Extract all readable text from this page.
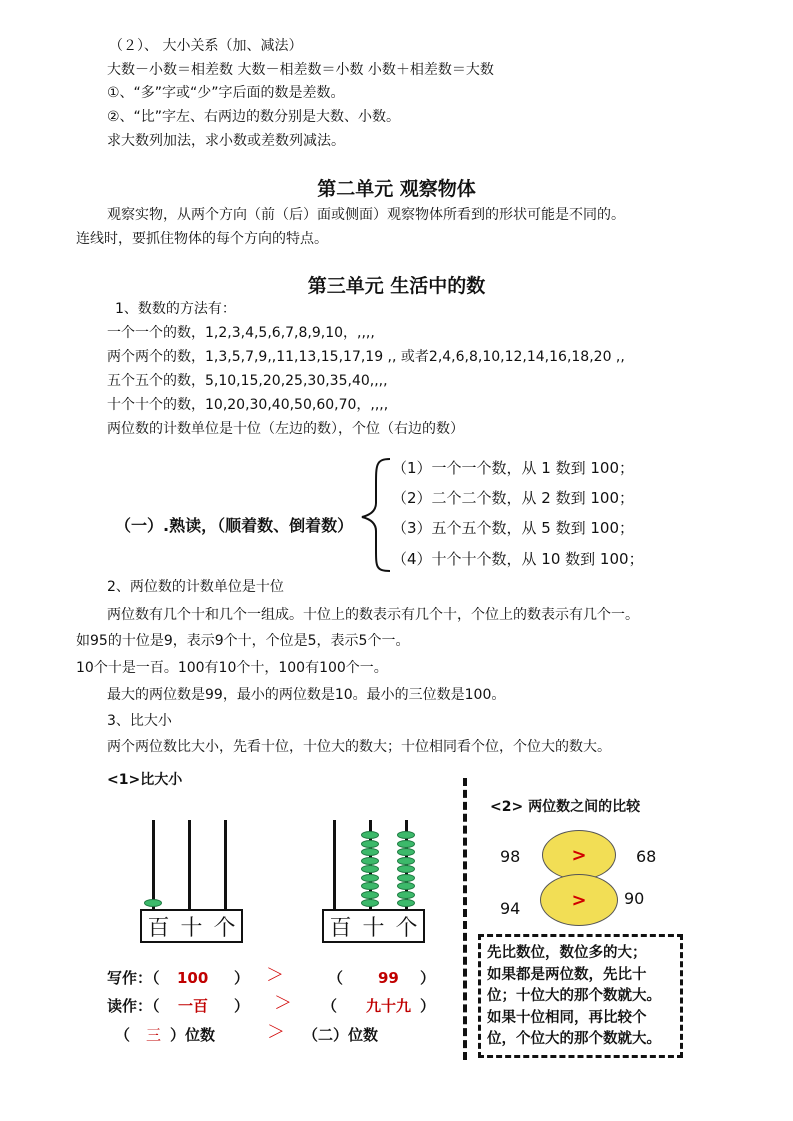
（２）、 大小关系（加、减法）
大数－小数＝相差数 大数－相差数＝小数 小数＋相差数＝大数
①、“多”字或“少”字后面的数是差数。
②、“比”字左、右两边的数分别是大数、小数。
求大数列加法，求小数或差数列减法。
第二单元 观察物体
观察实物，从两个方向（前（后）面或侧面）观察物体所看到的形状可能是不同的。
连线时，要抓住物体的每个方向的特点。
第三单元 生活中的数
1、数数的方法有：
一个一个的数，1,2,3,4,5,6,7,8,9,10，,,,,
两个两个的数，1,3,5,7,9,,11,13,15,17,19 ,, 或者2,4,6,8,10,12,14,16,18,20 ,,
五个五个的数，5,10,15,20,25,30,35,40,,,,
十个十个的数，10,20,30,40,50,60,70，,,,,
两位数的计数单位是十位（左边的数），个位（右边的数）
（一）.熟读，（顺着数、倒着数）
（1）一个一个数，从 1 数到 100；
（2）二个二个数，从 2 数到 100；
（3）五个五个数，从 5 数到 100；
（4）十个十个数，从 10 数到 100；
2、两位数的计数单位是十位
两位数有几个十和几个一组成。十位上的数表示有几个十，个位上的数表示有几个一。
如95的十位是9，表示9个十，个位是5，表示5个一。
10个十是一百。100有10个十，100有100个一。
最大的两位数是99，最小的两位数是10。最小的三位数是100。
3、比大小
两个两位数比大小，先看十位，十位大的数大；十位相同看个位，个位大的数大。
<1>比大小
百 十 个	百 十 个
写作：（ 100 ） ＞	（ 99 ）
读作：（ 一百 ） ＞ （ 九十九 ）
（ 三 ）位数	＞ （二）位数
<2> 两位数之间的比较
98	>	68
94	> 90
先比数位，数位多的大；
如果都是两位数，先比十
位；十位大的那个数就大。
如果十位相同，再比较个
位，个位大的那个数就大。
